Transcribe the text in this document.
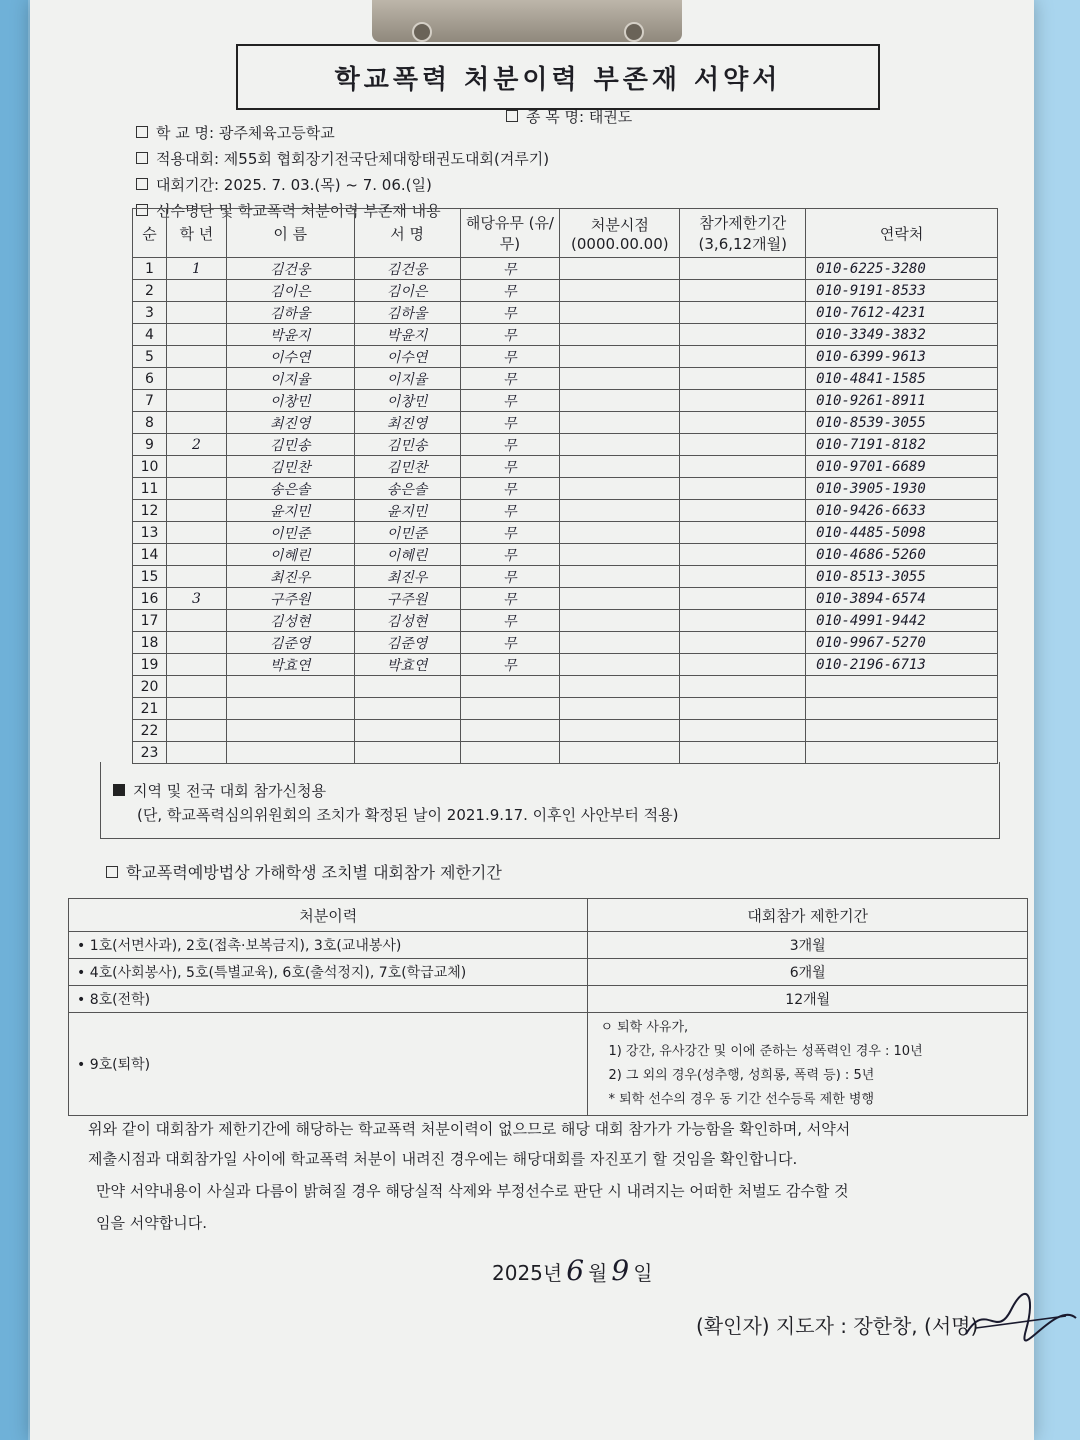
학교폭력 처분이력 부존재 서약서
학 교 명: 광주체육고등학교
종 목 명: 태권도
적용대회: 제55회 협회장기전국단체대항태권도대회(겨루기)
대회기간: 2025. 7. 03.(목) ~ 7. 06.(일)
선수명단 및 학교폭력 처분이력 부존재 내용
순	학 년	이 름	서 명	해당유무 (유/무)	처분시점 (0000.00.00)	참가제한기간 (3,6,12개월)	연락처
1	1	김건웅	김건웅	무			010-6225-3280
2		김이은	김이은	무			010-9191-8533
3		김하울	김하울	무			010-7612-4231
4		박윤지	박윤지	무			010-3349-3832
5		이수연	이수연	무			010-6399-9613
6		이지율	이지율	무			010-4841-1585
7		이창민	이창민	무			010-9261-8911
8		최진영	최진영	무			010-8539-3055
9	2	김민송	김민송	무			010-7191-8182
10		김민찬	김민찬	무			010-9701-6689
11		송은솔	송은솔	무			010-3905-1930
12		윤지민	윤지민	무			010-9426-6633
13		이민준	이민준	무			010-4485-5098
14		이혜린	이혜린	무			010-4686-5260
15		최진우	최진우	무			010-8513-3055
16	3	구주원	구주원	무			010-3894-6574
17		김성현	김성현	무			010-4991-9442
18		김준영	김준영	무			010-9967-5270
19		박효연	박효연	무			010-2196-6713
20							
21							
22							
23							
지역 및 전국 대회 참가신청용
(단, 학교폭력심의위원회의 조치가 확정된 날이 2021.9.17. 이후인 사안부터 적용)
학교폭력예방법상 가해학생 조치별 대회참가 제한기간
처분이력	대회참가 제한기간
• 1호(서면사과), 2호(접촉·보복금지), 3호(교내봉사)	3개월
• 4호(사회봉사), 5호(특별교육), 6호(출석정지), 7호(학급교체)	6개월
• 8호(전학)	12개월
• 9호(퇴학)	ㅇ 퇴학 사유가,
1) 강간, 유사강간 및 이에 준하는 성폭력인 경우 : 10년
2) 그 외의 경우(성추행, 성희롱, 폭력 등) : 5년
* 퇴학 선수의 경우 동 기간 선수등록 제한 병행
위와 같이 대회참가 제한기간에 해당하는 학교폭력 처분이력이 없으므로 해당 대회 참가가 가능함을 확인하며, 서약서
제출시점과 대회참가일 사이에 학교폭력 처분이 내려진 경우에는 해당대회를 자진포기 할 것임을 확인합니다.
만약 서약내용이 사실과 다름이 밝혀질 경우 해당실적 삭제와 부정선수로 판단 시 내려지는 어떠한 처벌도 감수할 것
임을 서약합니다.
2025년 6 월 9 일
(확인자) 지도자 : 장한창, (서명)
